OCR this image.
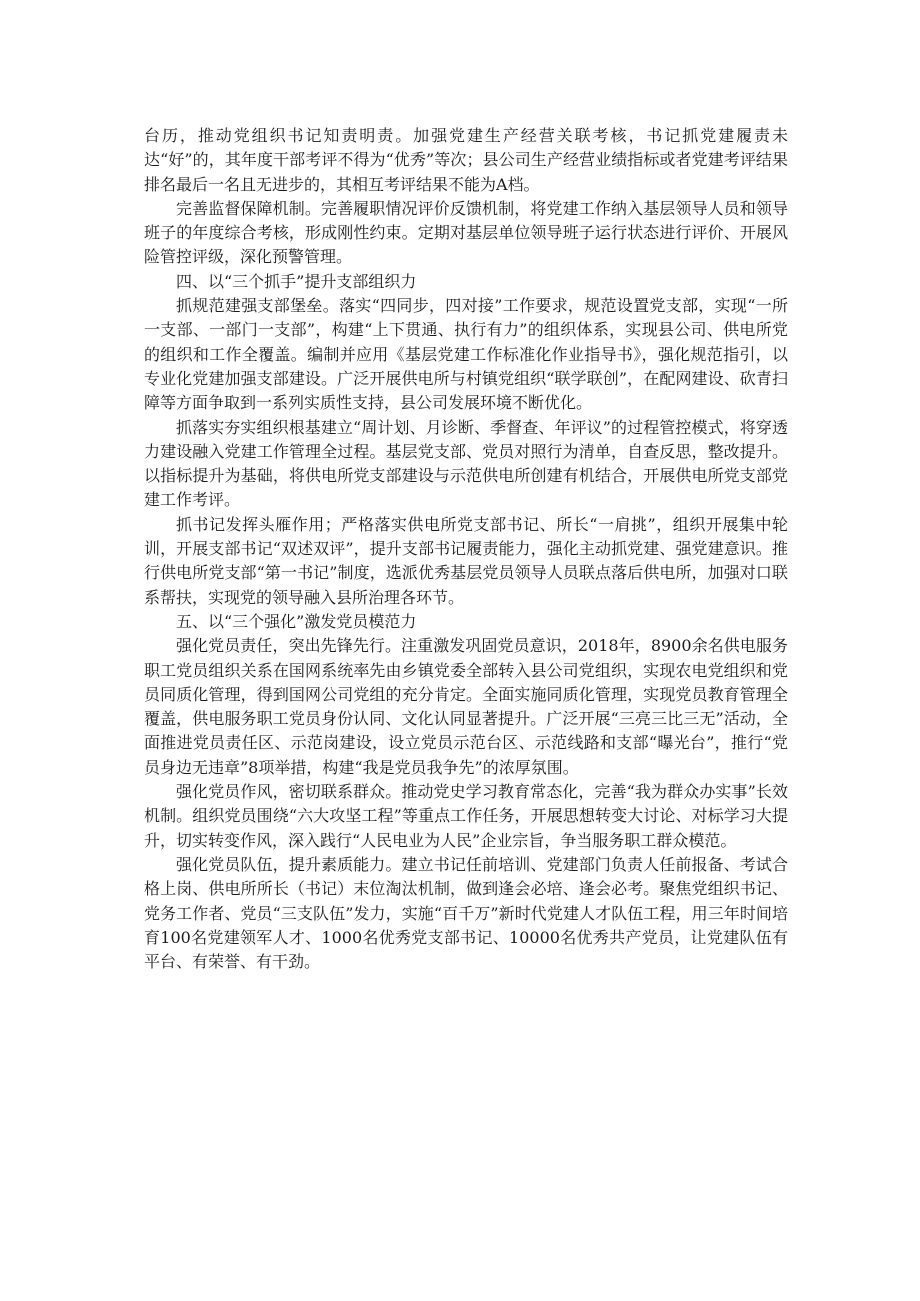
台历，推动党组织书记知责明责。加强党建生产经营关联考核，书记抓党建履责未达“好”的，其年度干部考评不得为“优秀”等次；县公司生产经营业绩指标或者党建考评结果排名最后一名且无进步的，其相互考评结果不能为A档。

完善监督保障机制。完善履职情况评价反馈机制，将党建工作纳入基层领导人员和领导班子的年度综合考核，形成刚性约束。定期对基层单位领导班子运行状态进行评价、开展风险管控评级，深化预警管理。

四、以“三个抓手”提升支部组织力

抓规范建强支部堡垒。落实“四同步，四对接”工作要求，规范设置党支部，实现“一所一支部、一部门一支部”，构建“上下贯通、执行有力”的组织体系，实现县公司、供电所党的组织和工作全覆盖。编制并应用《基层党建工作标准化作业指导书》，强化规范指引，以专业化党建加强支部建设。广泛开展供电所与村镇党组织“联学联创”，在配网建设、砍青扫障等方面争取到一系列实质性支持，县公司发展环境不断优化。

抓落实夯实组织根基建立“周计划、月诊断、季督查、年评议”的过程管控模式，将穿透力建设融入党建工作管理全过程。基层党支部、党员对照行为清单，自查反思，整改提升。以指标提升为基础，将供电所党支部建设与示范供电所创建有机结合，开展供电所党支部党建工作考评。

抓书记发挥头雁作用；严格落实供电所党支部书记、所长“一肩挑”，组织开展集中轮训，开展支部书记“双述双评”，提升支部书记履责能力，强化主动抓党建、强党建意识。推行供电所党支部“第一书记”制度，选派优秀基层党员领导人员联点落后供电所，加强对口联系帮扶，实现党的领导融入县所治理各环节。

五、以“三个强化”激发党员模范力

强化党员责任，突出先锋先行。注重激发巩固党员意识，2018年，8900余名供电服务职工党员组织关系在国网系统率先由乡镇党委全部转入县公司党组织，实现农电党组织和党员同质化管理，得到国网公司党组的充分肯定。全面实施同质化管理，实现党员教育管理全覆盖，供电服务职工党员身份认同、文化认同显著提升。广泛开展“三亮三比三无”活动，全面推进党员责任区、示范岗建设，设立党员示范台区、示范线路和支部“曝光台”，推行“党员身边无违章”8项举措，构建“我是党员我争先”的浓厚氛围。

强化党员作风，密切联系群众。推动党史学习教育常态化，完善“我为群众办实事”长效机制。组织党员围绕“六大攻坚工程”等重点工作任务，开展思想转变大讨论、对标学习大提升，切实转变作风，深入践行“人民电业为人民”企业宗旨，争当服务职工群众模范。

强化党员队伍，提升素质能力。建立书记任前培训、党建部门负责人任前报备、考试合格上岗、供电所所长（书记）末位淘汰机制，做到逢会必培、逢会必考。聚焦党组织书记、党务工作者、党员“三支队伍”发力，实施“百千万”新时代党建人才队伍工程，用三年时间培育100名党建领军人才、1000名优秀党支部书记、10000名优秀共产党员，让党建队伍有平台、有荣誉、有干劲。
